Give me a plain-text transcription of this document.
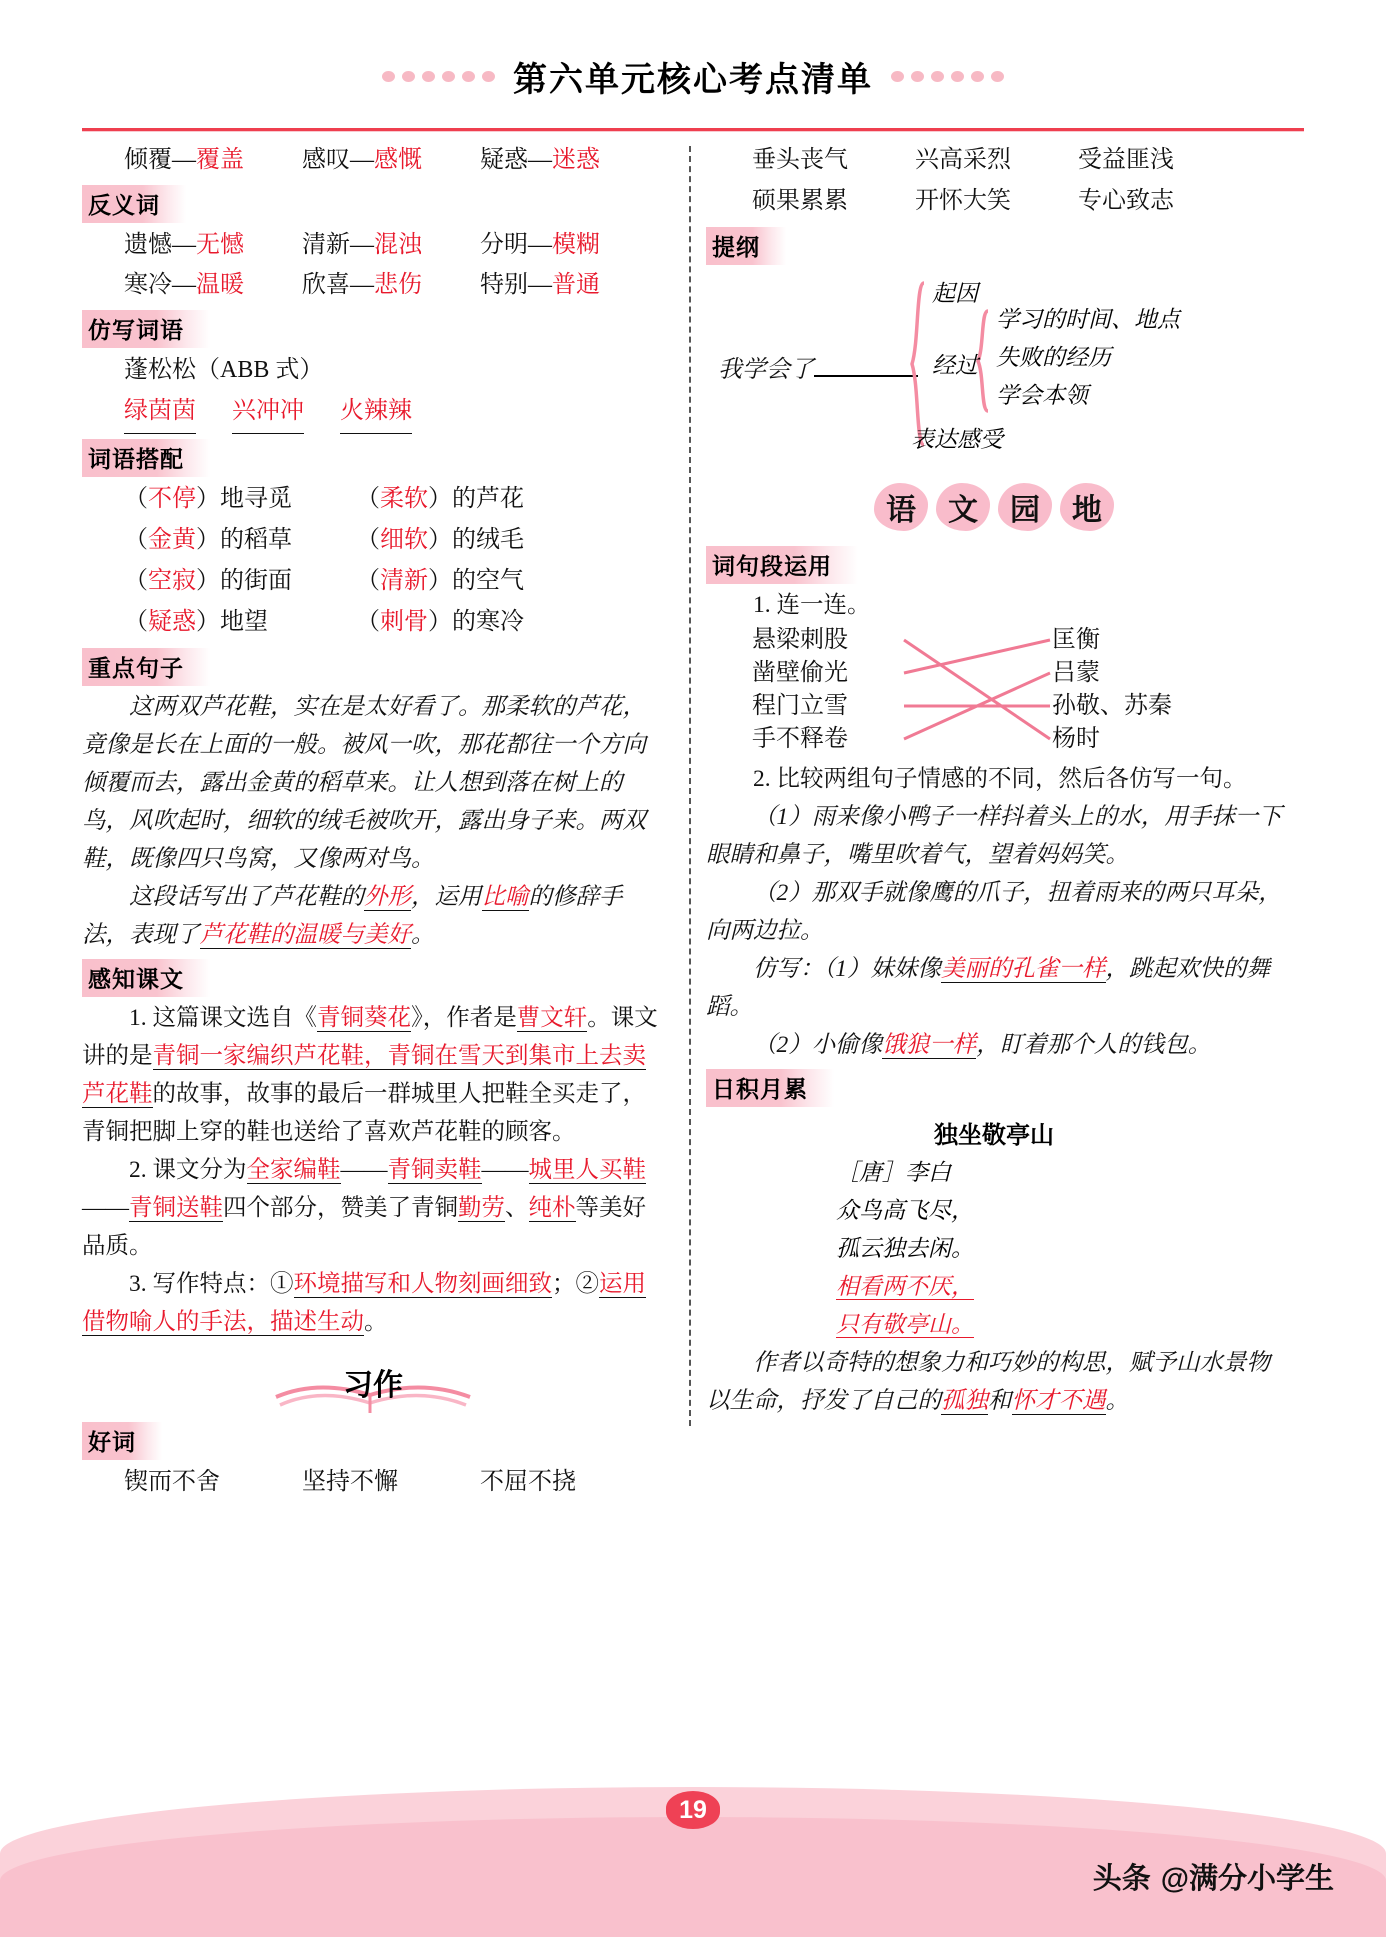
第六单元核心考点清单
倾覆—覆盖	感叹—感慨	疑惑—迷惑
反义词
遗憾—无憾	清新—混浊	分明—模糊
寒冷—温暖	欣喜—悲伤	特别—普通
仿写词语
蓬松松（ABB 式）
绿茵茵 兴冲冲 火辣辣
词语搭配
（不停）地寻觅	（柔软）的芦花
（金黄）的稻草	（细软）的绒毛
（空寂）的街面	（清新）的空气
（疑惑）地望	（刺骨）的寒冷
重点句子
这两双芦花鞋，实在是太好看了。那柔软的芦花，竟像是长在上面的一般。被风一吹，那花都往一个方向倾覆而去，露出金黄的稻草来。让人想到落在树上的鸟，风吹起时，细软的绒毛被吹开，露出身子来。两双鞋，既像四只鸟窝，又像两对鸟。
这段话写出了芦花鞋的外形，运用比喻的修辞手法，表现了芦花鞋的温暖与美好。
感知课文
1. 这篇课文选自《青铜葵花》，作者是曹文轩。课文讲的是青铜一家编织芦花鞋，青铜在雪天到集市上去卖芦花鞋的故事，故事的最后一群城里人把鞋全买走了，青铜把脚上穿的鞋也送给了喜欢芦花鞋的顾客。
2. 课文分为全家编鞋——青铜卖鞋——城里人买鞋——青铜送鞋四个部分，赞美了青铜勤劳、纯朴等美好品质。
3. 写作特点：①环境描写和人物刻画细致；②运用借物喻人的手法，描述生动。
习作
好词
锲而不舍	坚持不懈	不屈不挠
垂头丧气	兴高采烈	受益匪浅
硕果累累	开怀大笑	专心致志
提纲
我学会了
起因
经过
表达感受
学习的时间、地点
失败的经历
学会本领
语	文	园	地
词句段运用
1. 连一连。
悬梁刺股
凿壁偷光
程门立雪
手不释卷
匡衡
吕蒙
孙敬、苏秦
杨时
2. 比较两组句子情感的不同，然后各仿写一句。
（1）雨来像小鸭子一样抖着头上的水，用手抹一下眼睛和鼻子，嘴里吹着气，望着妈妈笑。
（2）那双手就像鹰的爪子，扭着雨来的两只耳朵，向两边拉。
仿写：（1）妹妹像美丽的孔雀一样，跳起欢快的舞蹈。
（2）小偷像饿狼一样，盯着那个人的钱包。
日积月累
独坐敬亭山
［唐］李白
众鸟高飞尽，
孤云独去闲。
相看两不厌，
只有敬亭山。
作者以奇特的想象力和巧妙的构思，赋予山水景物以生命，抒发了自己的孤独和怀才不遇。
19
头条 @满分小学生
